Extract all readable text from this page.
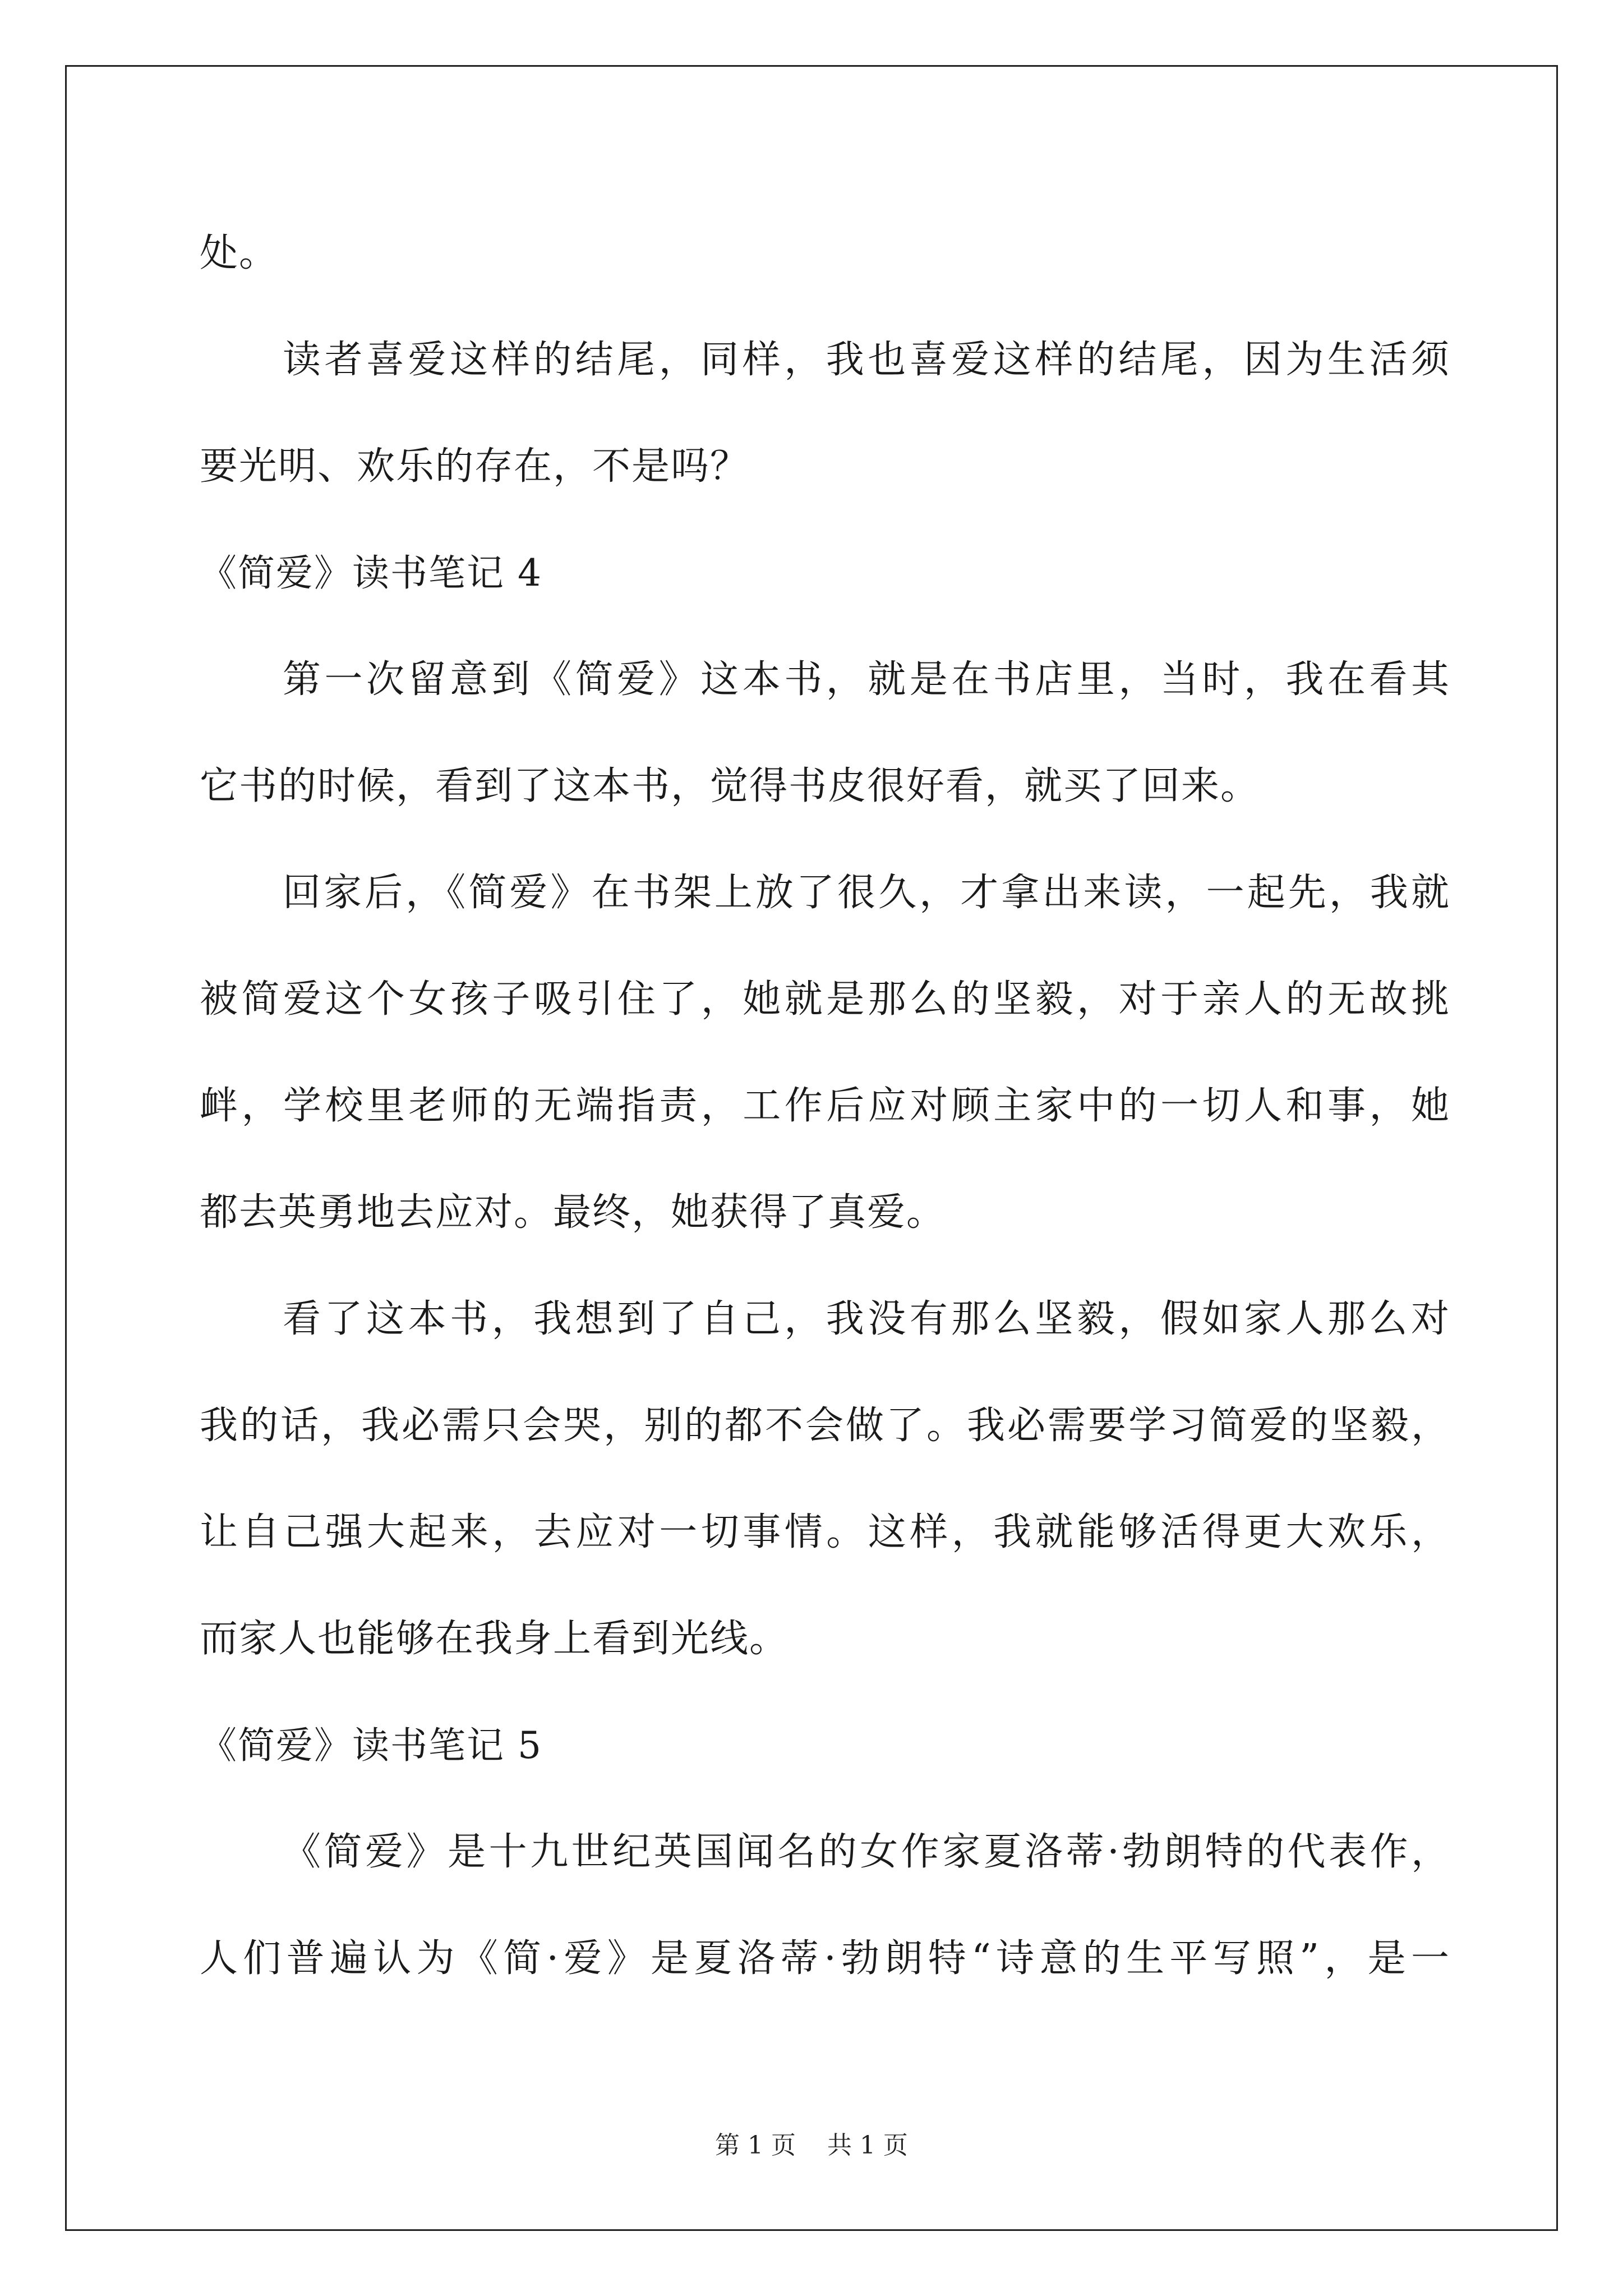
处。
读者喜爱这样的结尾，同样，我也喜爱这样的结尾，因为生活须
要光明、欢乐的存在，不是吗？
《简爱》读书笔记 4
第一次留意到《简爱》这本书，就是在书店里，当时，我在看其
它书的时候，看到了这本书，觉得书皮很好看，就买了回来。
回家后，《简爱》在书架上放了很久，才拿出来读，一起先，我就
被简爱这个女孩子吸引住了，她就是那么的坚毅，对于亲人的无故挑
衅，学校里老师的无端指责，工作后应对顾主家中的一切人和事，她
都去英勇地去应对。最终，她获得了真爱。
看了这本书，我想到了自己，我没有那么坚毅，假如家人那么对
我的话，我必需只会哭，别的都不会做了。我必需要学习简爱的坚毅，
让自己强大起来，去应对一切事情。这样，我就能够活得更大欢乐，
而家人也能够在我身上看到光线。
《简爱》读书笔记 5
《简爱》是十九世纪英国闻名的女作家夏洛蒂·勃朗特的代表作，
人们普遍认为《简·爱》是夏洛蒂·勃朗特“诗意的生平写照”，是一
第 1 页    共 1 页
